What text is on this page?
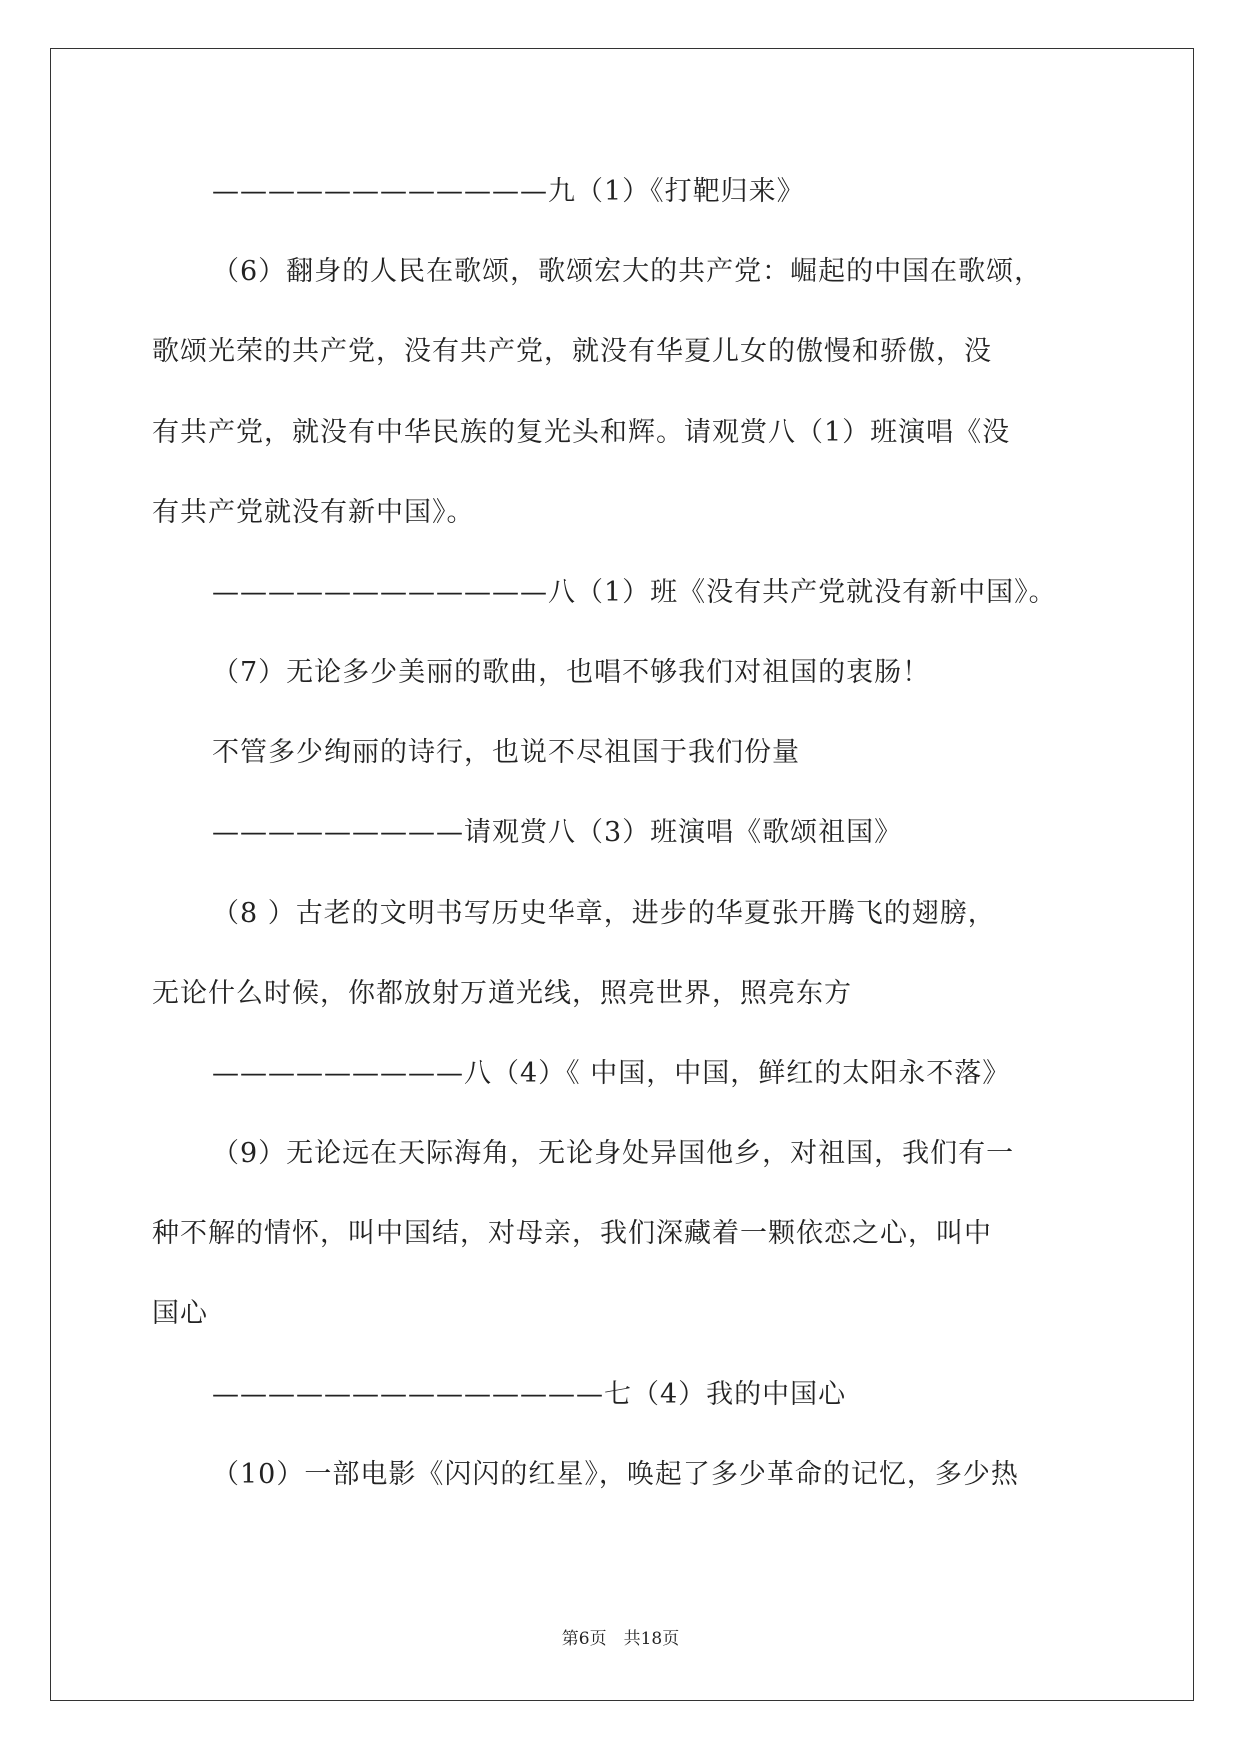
————————————九（1）《打靶归来》
（6）翻身的人民在歌颂，歌颂宏大的共产党：崛起的中国在歌颂，
歌颂光荣的共产党，没有共产党，就没有华夏儿女的傲慢和骄傲，没
有共产党，就没有中华民族的复光头和辉。请观赏八（1）班演唱《没
有共产党就没有新中国》。
————————————八（1）班《没有共产党就没有新中国》。
（7）无论多少美丽的歌曲，也唱不够我们对祖国的衷肠！
不管多少绚丽的诗行，也说不尽祖国于我们份量
—————————请观赏八（3）班演唱《歌颂祖国》
（8 ）古老的文明书写历史华章，进步的华夏张开腾飞的翅膀，
无论什么时候，你都放射万道光线，照亮世界，照亮东方
—————————八（4）《 中国，中国，鲜红的太阳永不落》
（9）无论远在天际海角，无论身处异国他乡，对祖国，我们有一
种不解的情怀，叫中国结，对母亲，我们深藏着一颗依恋之心，叫中
国心
——————————————七（4）我的中国心
（10）一部电影《闪闪的红星》，唤起了多少革命的记忆，多少热
第6页　共18页
